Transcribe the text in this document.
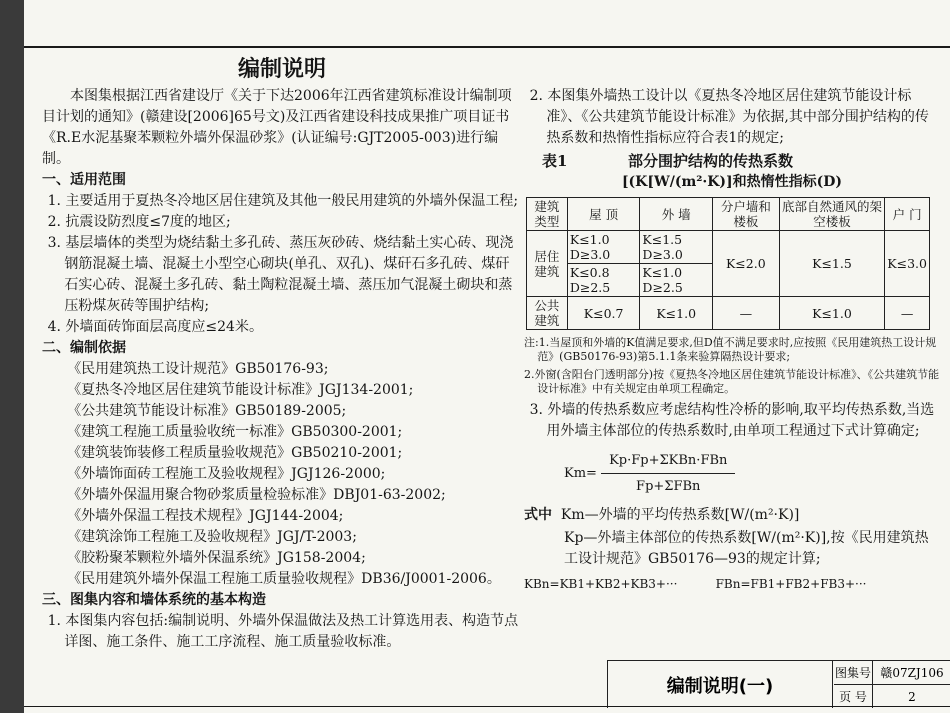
编制说明

本图集根据江西省建设厅《关于下达2006年江西省建筑标准设计编制项目计划的通知》(赣建设[2006]65号文)及江西省建设科技成果推广项目证书《R.E水泥基聚苯颗粒外墙外保温砂浆》(认证编号:GJT2005-003)进行编制。

一、适用范围

1. 主要适用于夏热冬冷地区居住建筑及其他一般民用建筑的外墙外保温工程;

2. 抗震设防烈度≤7度的地区;

3. 基层墙体的类型为烧结黏土多孔砖、蒸压灰砂砖、烧结黏土实心砖、现浇钢筋混凝土墙、混凝土小型空心砌块(单孔、双孔)、煤矸石多孔砖、煤矸石实心砖、混凝土多孔砖、黏土陶粒混凝土墙、蒸压加气混凝土砌块和蒸压粉煤灰砖等围护结构;

4. 外墙面砖饰面层高度应≤24米。

二、编制依据

《民用建筑热工设计规范》GB50176-93;

《夏热冬冷地区居住建筑节能设计标准》JGJ134-2001;

《公共建筑节能设计标准》GB50189-2005;

《建筑工程施工质量验收统一标准》GB50300-2001;

《建筑装饰装修工程质量验收规范》GB50210-2001;

《外墙饰面砖工程施工及验收规程》JGJ126-2000;

《外墙外保温用聚合物砂浆质量检验标准》DBJ01-63-2002;

《外墙外保温工程技术规程》JGJ144-2004;

《建筑涂饰工程施工及验收规程》JGJ/T-2003;

《胶粉聚苯颗粒外墙外保温系统》JG158-2004;

《民用建筑外墙外保温工程施工质量验收规程》DB36/J0001-2006。

三、图集内容和墙体系统的基本构造

1. 本图集内容包括:编制说明、外墙外保温做法及热工计算选用表、构造节点详图、施工条件、施工工序流程、施工质量验收标准。

2. 本图集外墙热工设计以《夏热冬冷地区居住建筑节能设计标准》、《公共建筑节能设计标准》为依据,其中部分围护结构的传热系数和热惰性指标应符合表1的规定;

表1	部分围护结构的传热系数
[(K[W/(m²·K)]和热惰性指标(D)
建筑类型	屋 顶	外 墙	分户墙和楼板	底部自然通风的架空楼板	户 门
居住建筑	K≤1.0 D≥3.0	K≤1.5 D≥3.0	K≤2.0	K≤1.5	K≤3.0
	K≤0.8 D≥2.5	K≤1.0 D≥2.5			
公共建筑	K≤0.7	K≤1.0	—	K≤1.0	—

注:1.当屋顶和外墙的K值满足要求,但D值不满足要求时,应按照《民用建筑热工设计规范》(GB50176-93)第5.1.1条来验算隔热设计要求;

2.外窗(含阳台门透明部分)按《夏热冬冷地区居住建筑节能设计标准》、《公共建筑节能设计标准》中有关规定由单项工程确定。

3. 外墙的传热系数应考虑结构性冷桥的影响,取平均传热系数,当选用外墙主体部位的传热系数时,由单项工程通过下式计算确定;

$Km= \frac{\text{Kp·Fp+ΣKBn·FBn}}{\text{Fp+ΣFBn}}$

式中 Km—外墙的平均传热系数[W/(m²·K)]

Kp—外墙主体部位的传热系数[W/(m²·K)],按《民用建筑热工设计规范》GB50176—93的规定计算;

KBn=KB1+KB2+KB3+···	FBn=FB1+FB2+FB3+···

编制说明(一)
图集号 赣07ZJ106
页 号	2
